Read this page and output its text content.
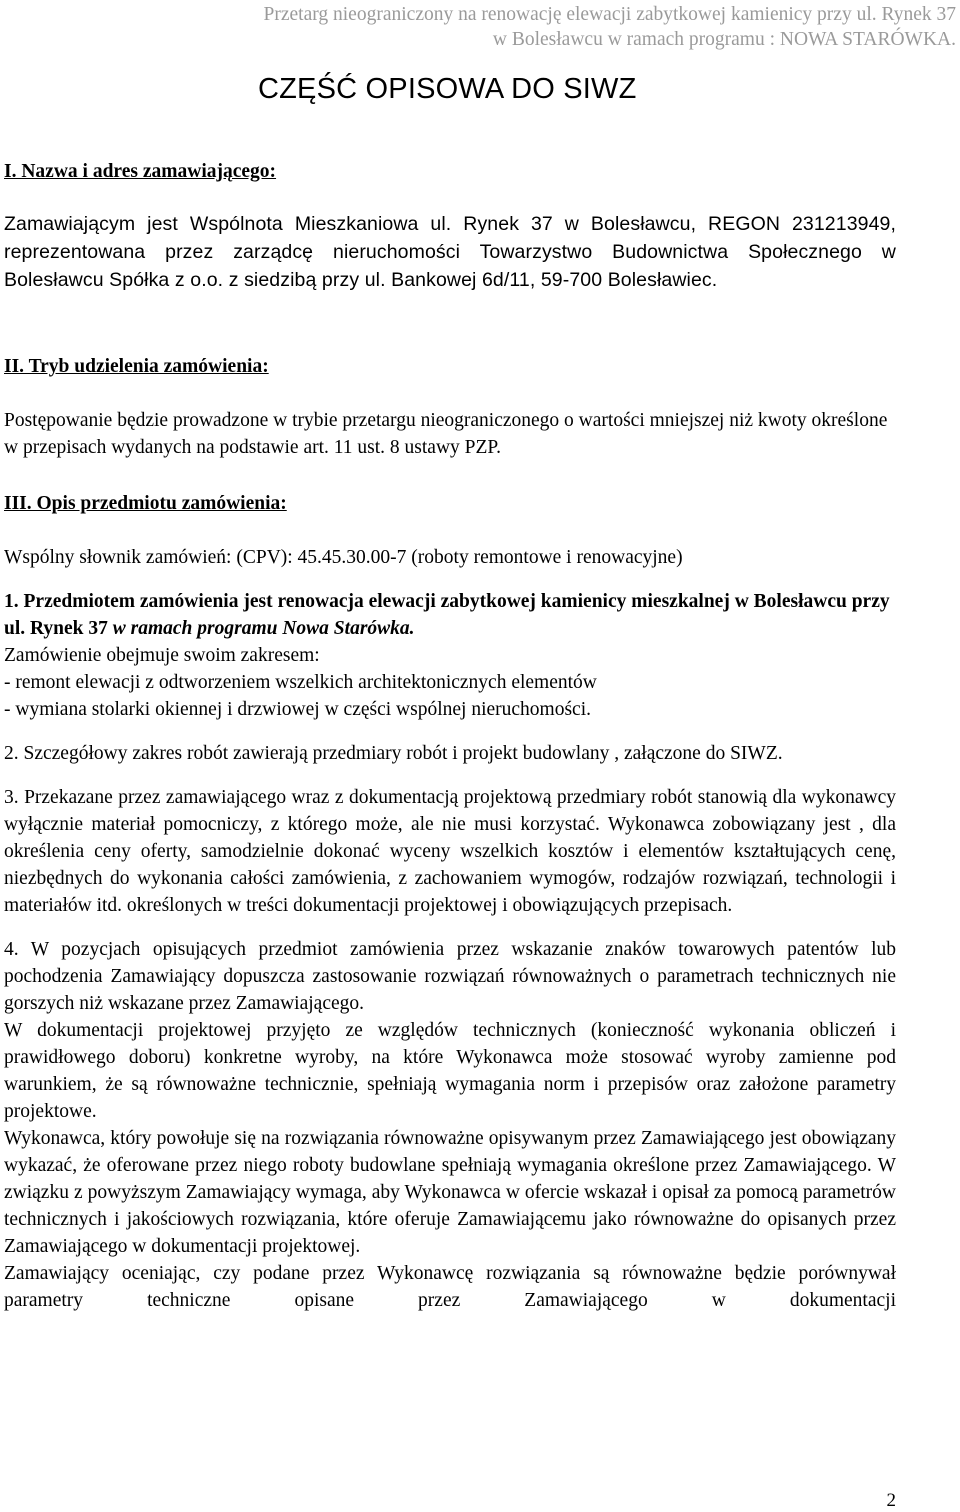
Przetarg nieograniczony na renowację elewacji zabytkowej kamienicy przy ul. Rynek 37
w Bolesławcu w ramach programu : NOWA STARÓWKA.
CZĘŚĆ OPISOWA DO SIWZ

I. Nazwa i adres zamawiającego:

Zamawiającym jest Wspólnota Mieszkaniowa ul. Rynek 37 w Bolesławcu, REGON 231213949, reprezentowana przez zarządcę nieruchomości Towarzystwo Budownictwa Społecznego w Bolesławcu Spółka z o.o. z siedzibą przy ul. Bankowej 6d/11, 59-700 Bolesławiec.

II. Tryb udzielenia zamówienia:

Postępowanie będzie prowadzone w trybie przetargu nieograniczonego o wartości mniejszej niż kwoty określone w przepisach wydanych na podstawie art. 11 ust. 8 ustawy PZP.

III. Opis przedmiotu zamówienia:

Wspólny słownik zamówień: (CPV): 45.45.30.00-7 (roboty remontowe i renowacyjne)

1. Przedmiotem zamówienia jest renowacja elewacji zabytkowej kamienicy mieszkalnej w Bolesławcu przy ul. Rynek 37 w ramach programu Nowa Starówka.

Zamówienie obejmuje swoim zakresem:

- remont elewacji z odtworzeniem wszelkich architektonicznych elementów

- wymiana stolarki okiennej i drzwiowej w części wspólnej nieruchomości.

2. Szczegółowy zakres robót zawierają przedmiary robót i projekt budowlany , załączone do SIWZ.

3. Przekazane przez zamawiającego wraz z dokumentacją projektową przedmiary robót stanowią dla wykonawcy wyłącznie materiał pomocniczy, z którego może, ale nie musi korzystać. Wykonawca zobowiązany jest , dla określenia ceny oferty, samodzielnie dokonać wyceny wszelkich kosztów i elementów kształtujących cenę, niezbędnych do wykonania całości zamówienia, z zachowaniem wymogów, rodzajów rozwiązań, technologii i materiałów itd. określonych w treści dokumentacji projektowej i obowiązujących przepisach.

4. W pozycjach opisujących przedmiot zamówienia przez wskazanie znaków towarowych patentów lub pochodzenia Zamawiający dopuszcza zastosowanie rozwiązań równoważnych o parametrach technicznych nie gorszych niż wskazane przez Zamawiającego.

W dokumentacji projektowej przyjęto ze względów technicznych (konieczność wykonania obliczeń i prawidłowego doboru) konkretne wyroby, na które Wykonawca może stosować wyroby zamienne pod warunkiem, że są równoważne technicznie, spełniają wymagania norm i przepisów oraz założone parametry projektowe.

Wykonawca, który powołuje się na rozwiązania równoważne opisywanym przez Zamawiającego jest obowiązany wykazać, że oferowane przez niego roboty budowlane spełniają wymagania określone przez Zamawiającego. W związku z powyższym Zamawiający wymaga, aby Wykonawca w ofercie wskazał i opisał za pomocą parametrów technicznych i jakościowych rozwiązania, które oferuje Zamawiającemu jako równoważne do opisanych przez Zamawiającego w dokumentacji projektowej.

Zamawiający oceniając, czy podane przez Wykonawcę rozwiązania są równoważne będzie porównywał parametry techniczne opisane przez Zamawiającego w dokumentacji

2
